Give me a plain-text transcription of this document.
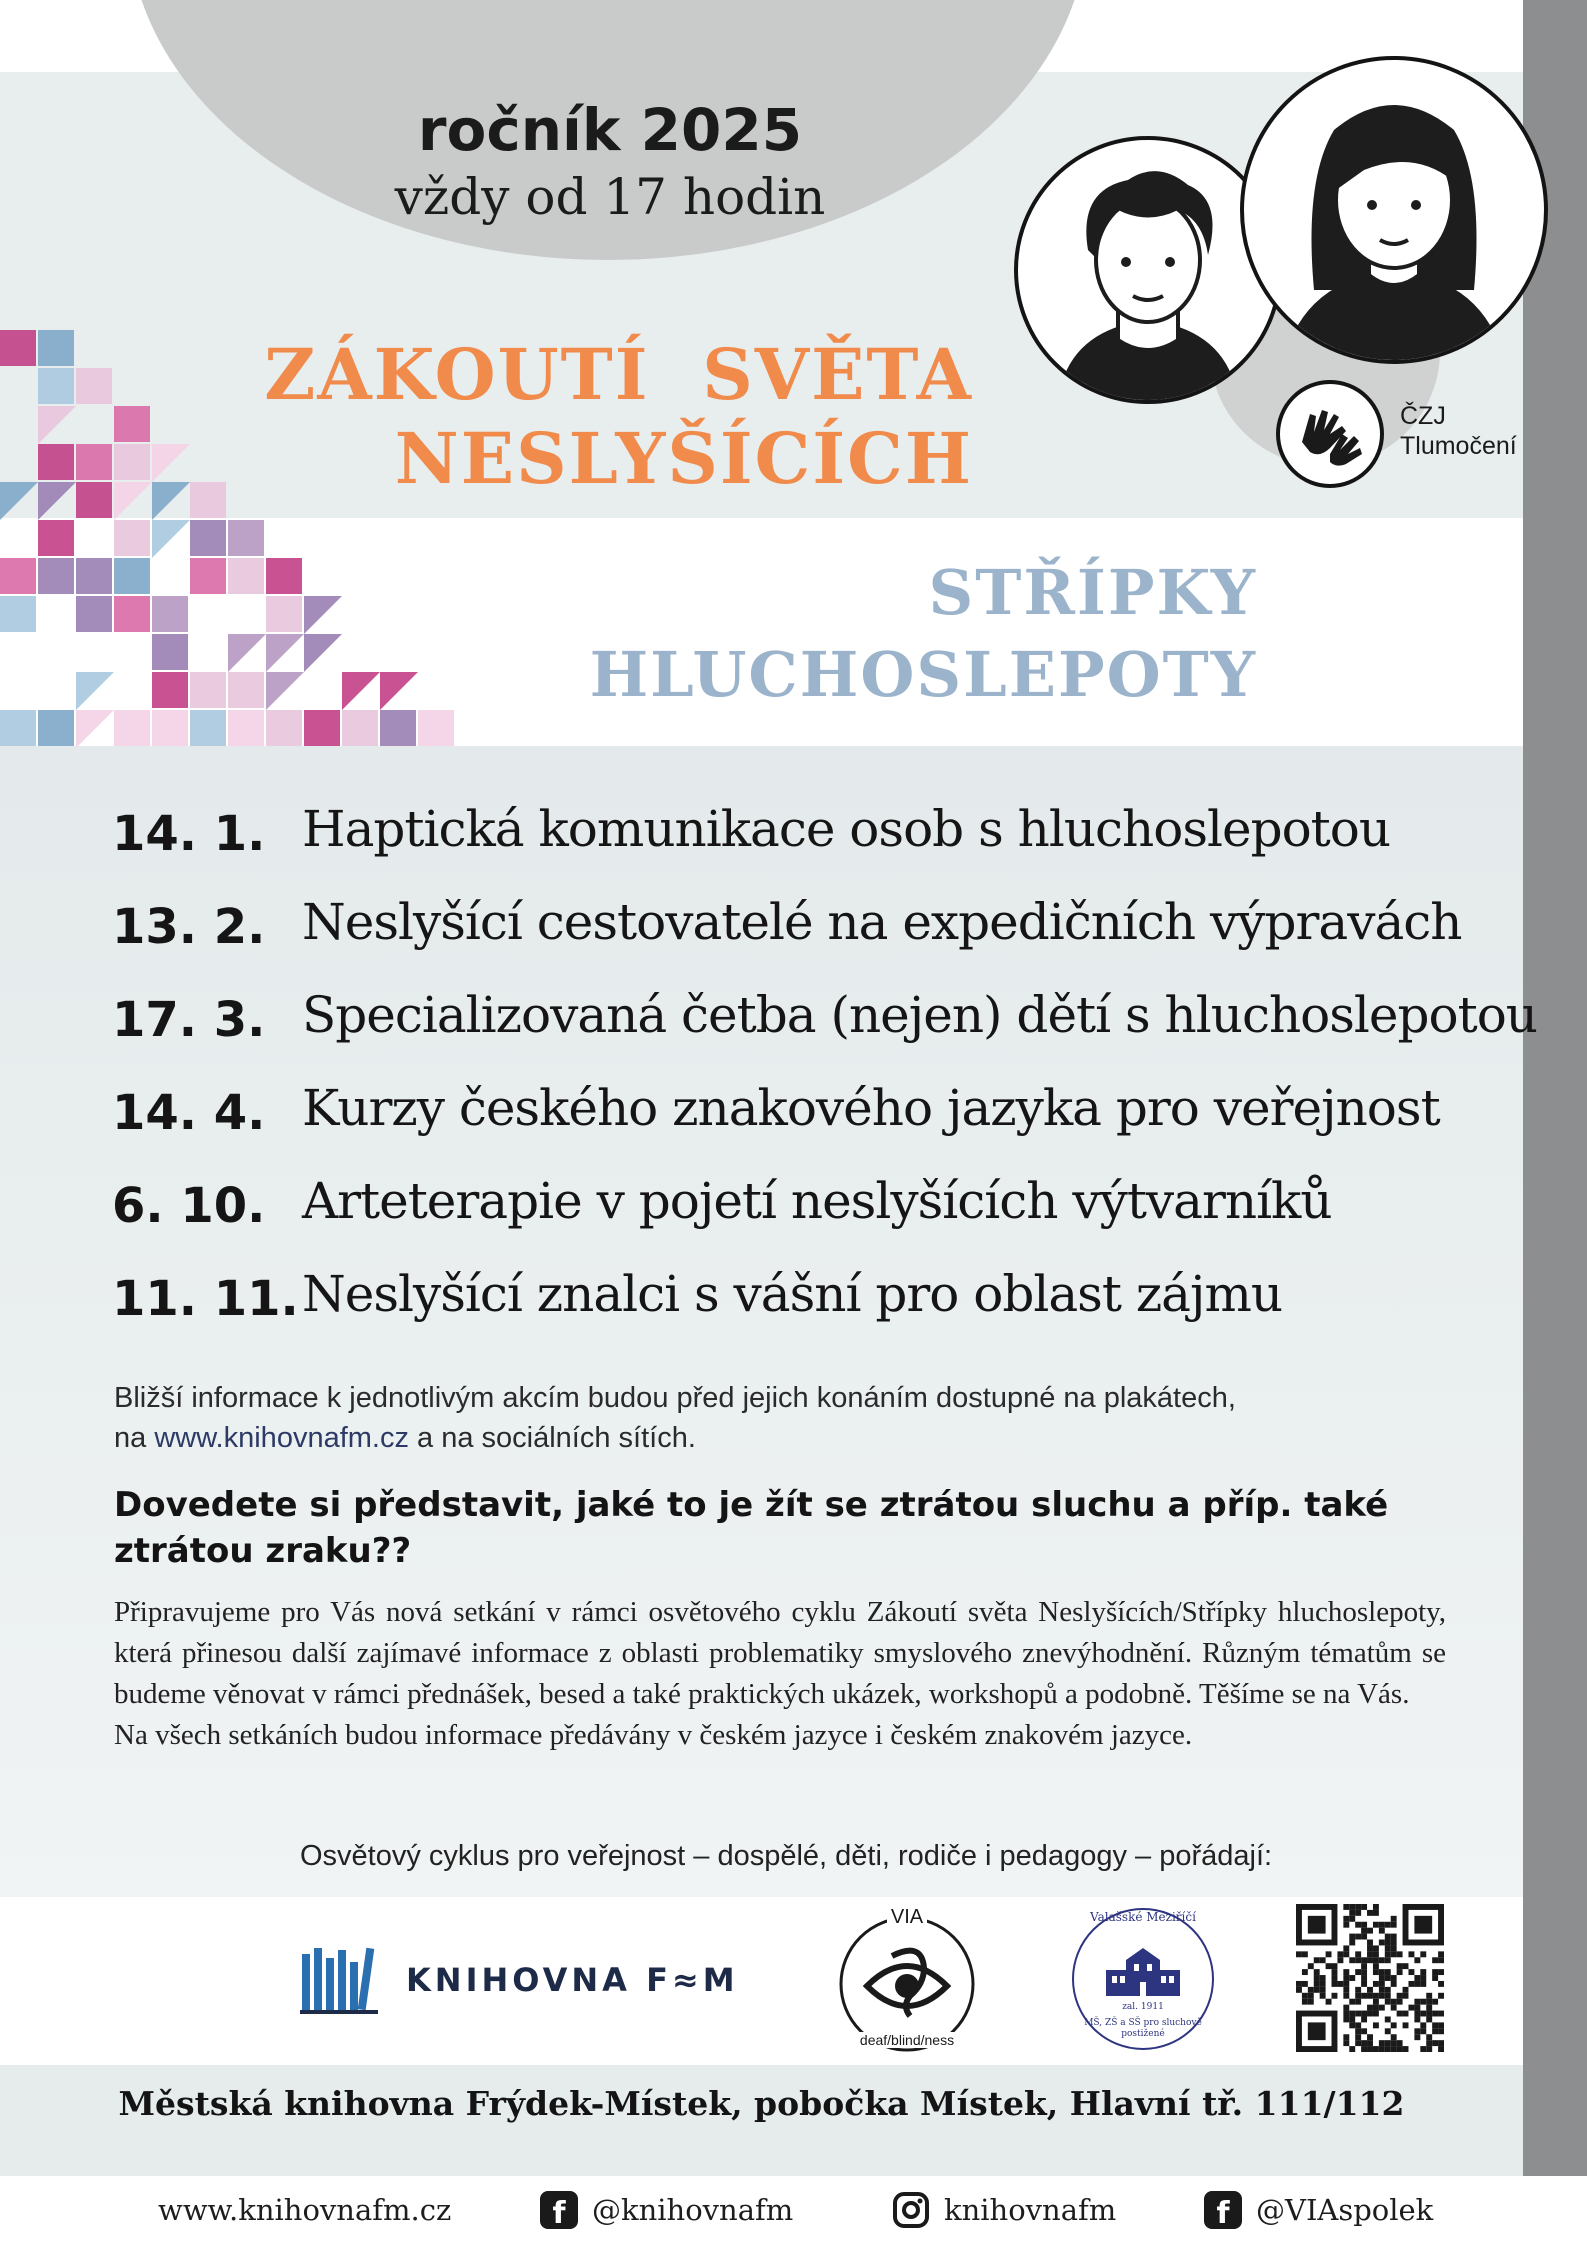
ročník 2025
vždy od 17 hodin
ZÁKOUTÍ  SVĚTA
NESLYŠÍCÍCH
STŘÍPKY
HLUCHOSLEPOTY
ČZJ
Tlumočení
14. 1. Haptická komunikace osob s hluchoslepotou
13. 2. Neslyšící cestovatelé na expedičních výpravách
17. 3. Specializovaná četba (nejen) dětí s hluchoslepotou
14. 4. Kurzy českého znakového jazyka pro veřejnost
6. 10. Arteterapie v pojetí neslyšících výtvarníků
11. 11. Neslyšící znalci s vášní pro oblast zájmu
Bližší informace k jednotlivým akcím budou před jejich konáním dostupné na plakátech,
na www.knihovnafm.cz a na sociálních sítích.
Dovedete si představit, jaké to je žít se ztrátou sluchu a příp. také ztrátou zraku??

Připravujeme pro Vás nová setkání v rámci osvětového cyklu Zákoutí světa Neslyšících/Střípky hluchoslepoty, která přinesou další zajímavé informace z oblasti problematiky smyslového znevýhodnění. Různým tématům se budeme věnovat v rámci přednášek, besed a také praktických ukázek, workshopů a podobně. Těšíme se na Vás.

Na všech setkáních budou informace předávány v českém jazyce i českém znakovém jazyce.

Osvětový cyklus pro veřejnost – dospělé, děti, rodiče i pedagogy – pořádají:
KNIHOVNA F≈M
VIA
deaf/blind/ness
Valašské Meziříčí
zal. 1911
MŠ, ZŠ a SŠ pro sluchově postižené
Městská knihovna Frýdek-Místek, pobočka Místek, Hlavní tř. 111/112
www.knihovnafm.cz	f @knihovnafm	knihovnafm	f @VIAspolek
